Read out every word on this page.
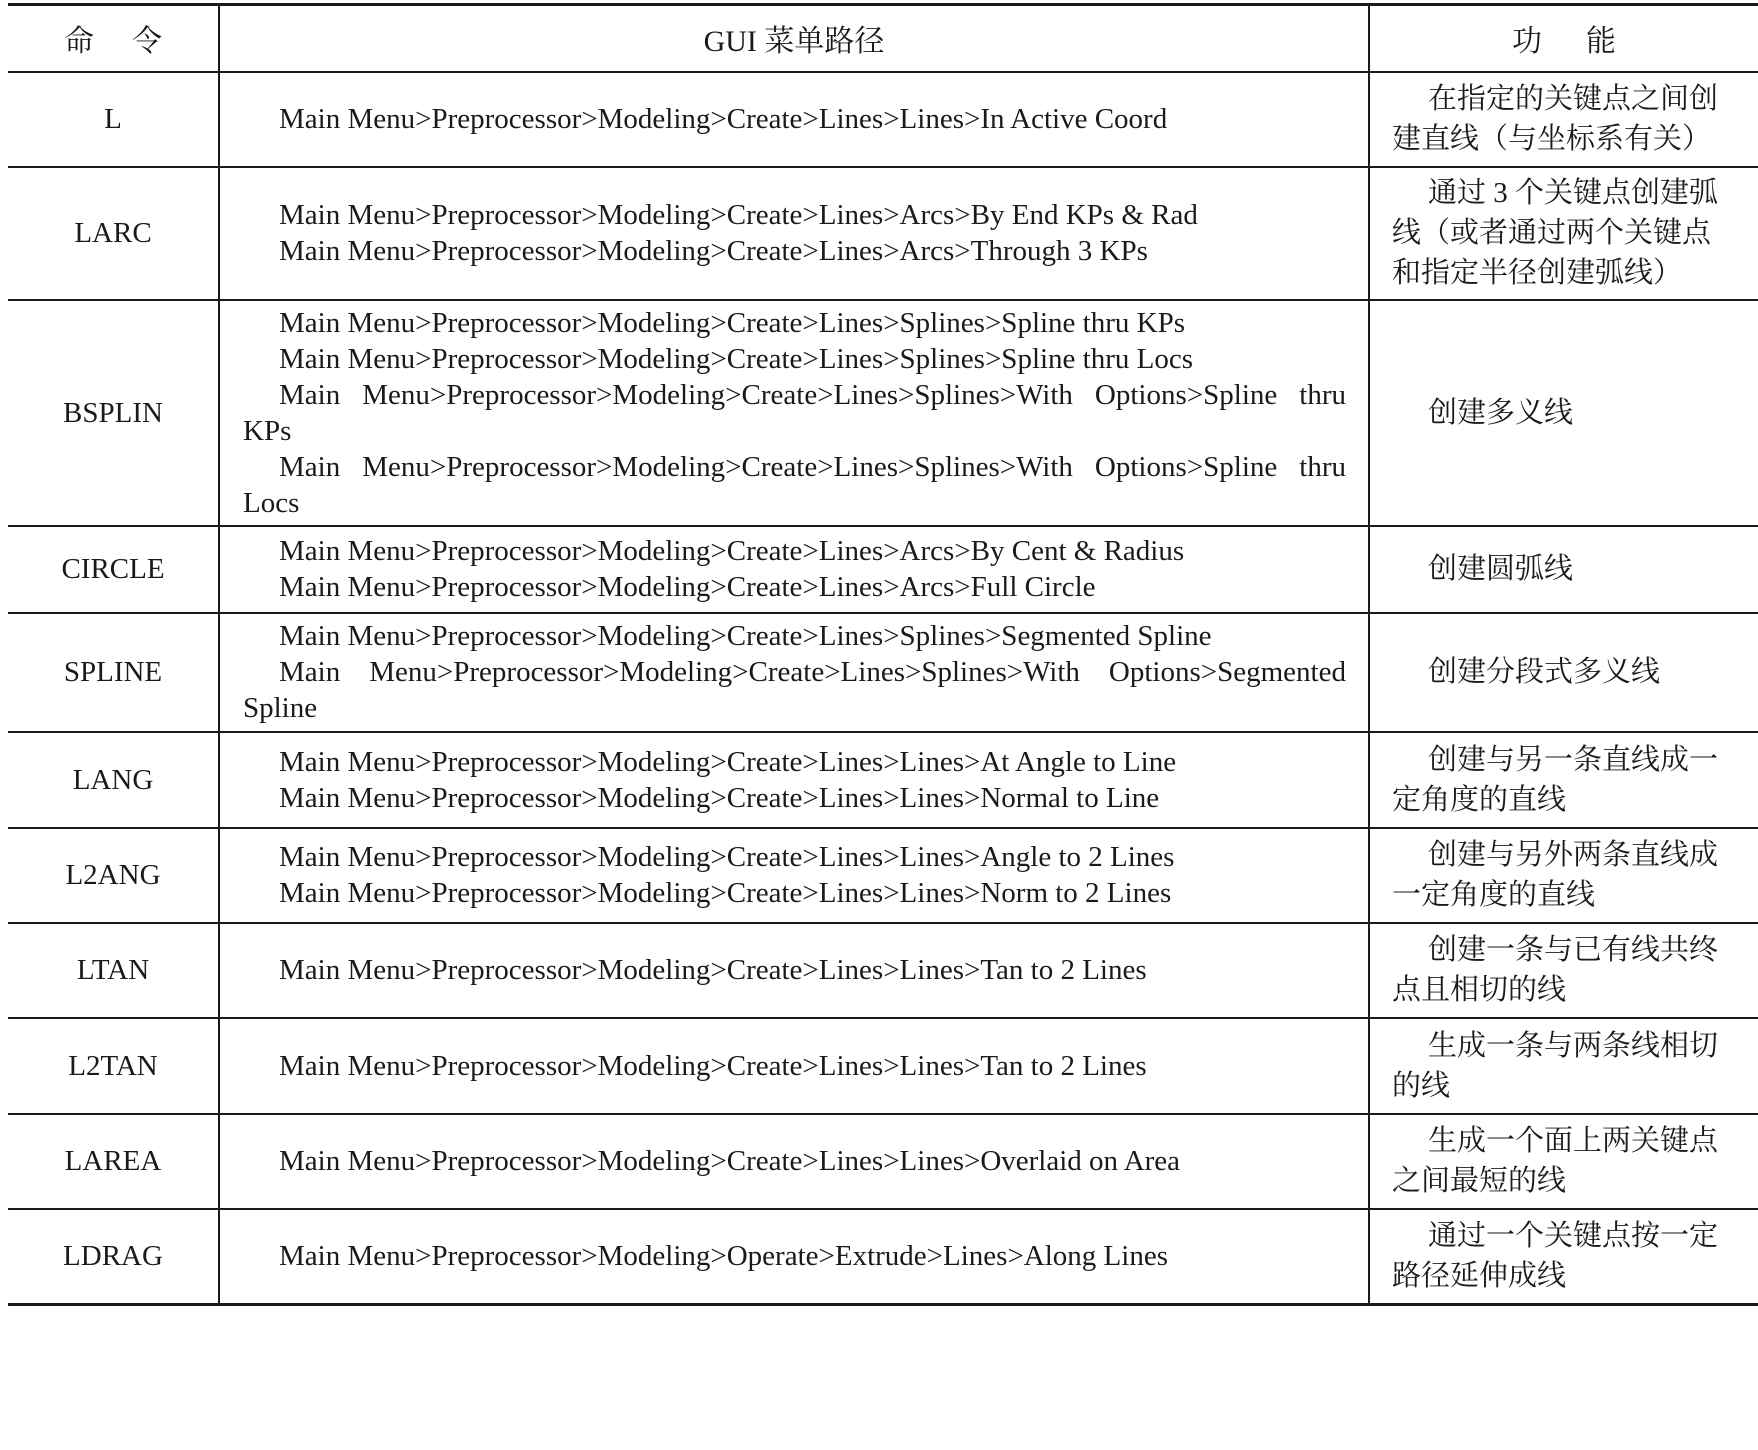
命令	GUI 菜单路径	功能
L	Main Menu>Preprocessor>Modeling>Create>Lines>Lines>In Active Coord	在指定的关键点之间创建直线（与坐标系有关）
LARC	Main Menu>Preprocessor>Modeling>Create>Lines>Arcs>By End KPs & Rad
Main Menu>Preprocessor>Modeling>Create>Lines>Arcs>Through 3 KPs	通过 3 个关键点创建弧线（或者通过两个关键点和指定半径创建弧线）
BSPLIN	Main Menu>Preprocessor>Modeling>Create>Lines>Splines>Spline thru KPs
Main Menu>Preprocessor>Modeling>Create>Lines>Splines>Spline thru Locs
Main Menu>Preprocessor>Modeling>Create>Lines>Splines>With Options>Spline thru KPs
Main Menu>Preprocessor>Modeling>Create>Lines>Splines>With Options>Spline thru Locs	创建多义线
CIRCLE	Main Menu>Preprocessor>Modeling>Create>Lines>Arcs>By Cent & Radius
Main Menu>Preprocessor>Modeling>Create>Lines>Arcs>Full Circle	创建圆弧线
SPLINE	Main Menu>Preprocessor>Modeling>Create>Lines>Splines>Segmented Spline
Main Menu>Preprocessor>Modeling>Create>Lines>Splines>With Options>Segmented Spline	创建分段式多义线
LANG	Main Menu>Preprocessor>Modeling>Create>Lines>Lines>At Angle to Line
Main Menu>Preprocessor>Modeling>Create>Lines>Lines>Normal to Line	创建与另一条直线成一定角度的直线
L2ANG	Main Menu>Preprocessor>Modeling>Create>Lines>Lines>Angle to 2 Lines
Main Menu>Preprocessor>Modeling>Create>Lines>Lines>Norm to 2 Lines	创建与另外两条直线成一定角度的直线
LTAN	Main Menu>Preprocessor>Modeling>Create>Lines>Lines>Tan to 2 Lines	创建一条与已有线共终点且相切的线
L2TAN	Main Menu>Preprocessor>Modeling>Create>Lines>Lines>Tan to 2 Lines	生成一条与两条线相切的线
LAREA	Main Menu>Preprocessor>Modeling>Create>Lines>Lines>Overlaid on Area	生成一个面上两关键点之间最短的线
LDRAG	Main Menu>Preprocessor>Modeling>Operate>Extrude>Lines>Along Lines	通过一个关键点按一定路径延伸成线
